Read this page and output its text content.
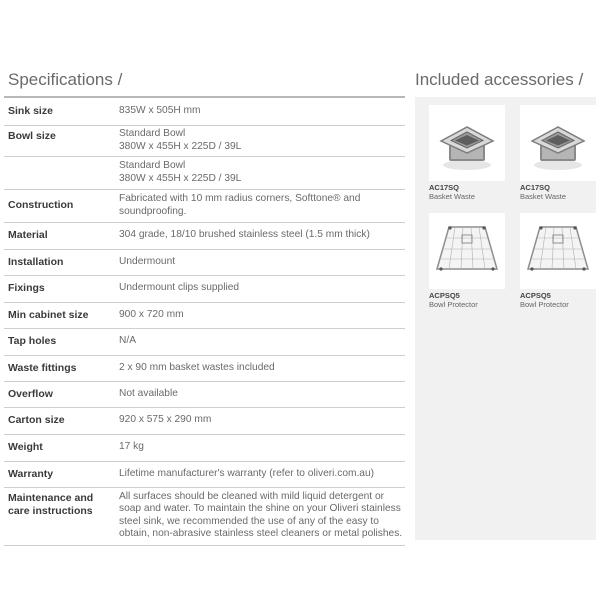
Specifications /
Sink size	835W x 505H mm

Bowl size	Standard Bowl
380W x 455H x 225D / 39L

	Standard Bowl
380W x 455H x 225D / 39L

Construction	Fabricated with 10 mm radius corners, Softtone® and
soundproofing.

Material	304 grade, 18/10 brushed stainless steel (1.5 mm thick)

Installation	Undermount

Fixings	Undermount clips supplied

Min cabinet size	900 x 720 mm

Tap holes	N/A

Waste fittings	2 x 90 mm basket wastes included

Overflow	Not available

Carton size	920 x 575 x 290 mm

Weight	17 kg

Warranty	Lifetime manufacturer's warranty (refer to oliveri.com.au)

Maintenance and care instructions	All surfaces should be cleaned with mild liquid detergent or
soap and water. To maintain the shine on your Oliveri stainless
steel sink, we recommended the use of any of the easy to
obtain, non-abrasive stainless steel cleaners or metal polishes.
Included accessories /
AC17SQ
Basket Waste
AC17SQ
Basket Waste
ACPSQ5
Bowl Protector
ACPSQ5
Bowl Protector
